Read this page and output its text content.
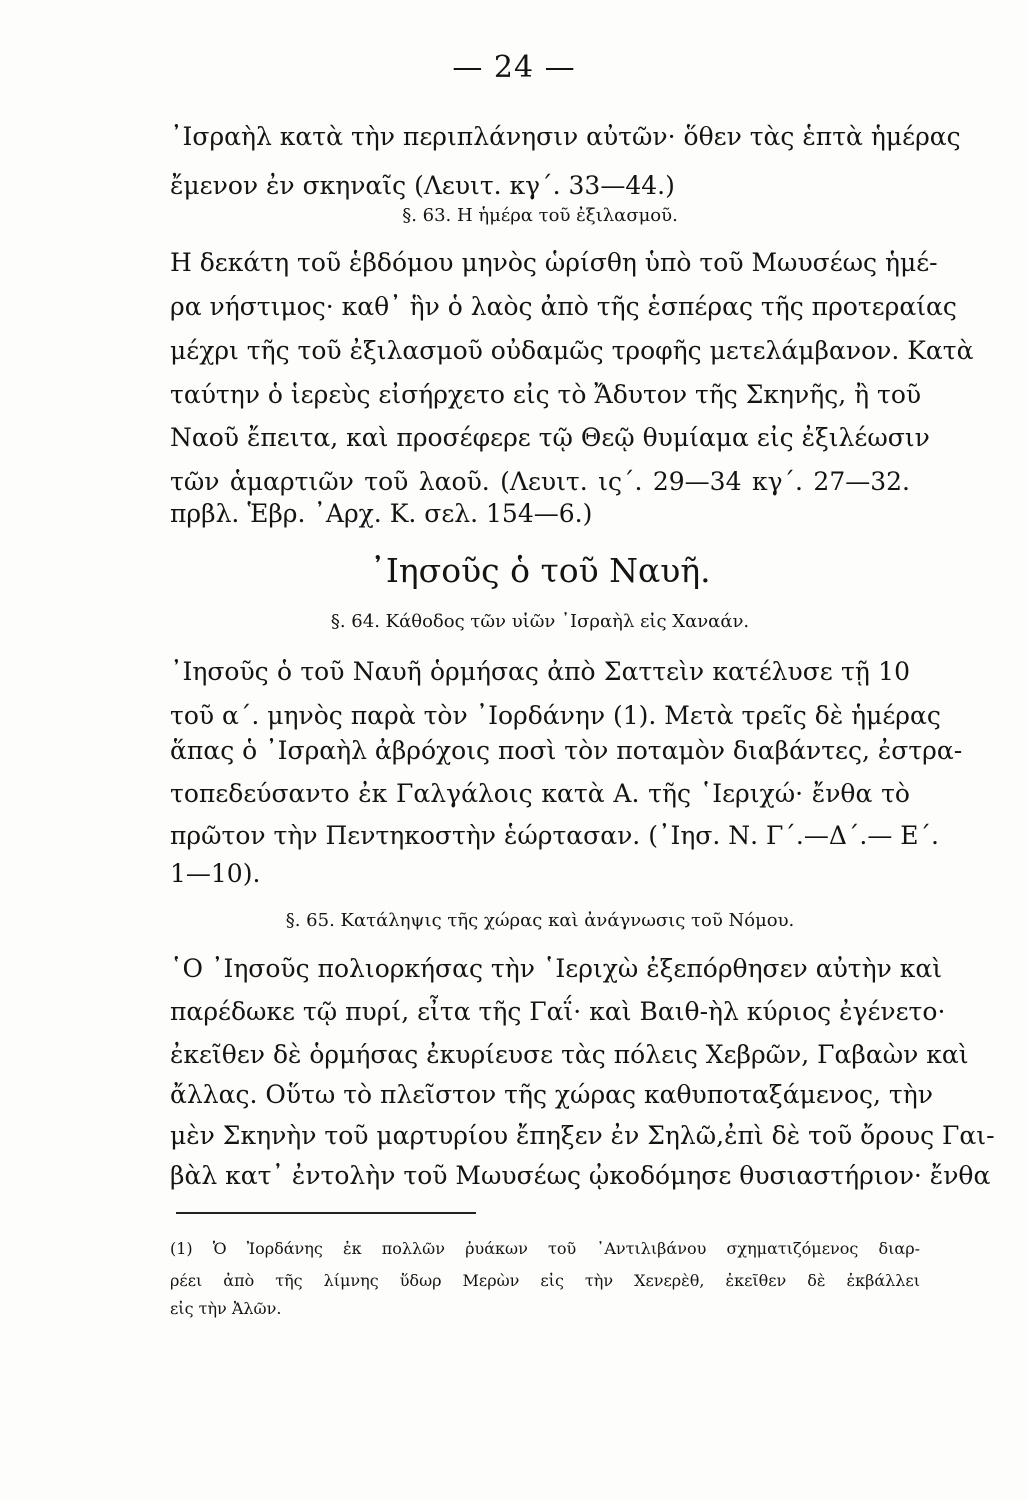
— 24 —
᾿Ισραὴλ κατὰ τὴν περιπλάνησιν αὐτῶν· ὅθεν τὰς ἑπτὰ ἡμέρας
ἔμενον ἐν σκηναῖς (Λευιτ. κγ΄. 33—44.)
§. 63. Η ἡμέρα τοῦ ἐξιλασμοῦ.
Η δεκάτη τοῦ ἑβδόμου μηνὸς ὡρίσθη ὑπὸ τοῦ Μωυσέως ἡμέ-
ρα νήστιμος· καθ᾿ ἣν ὁ λαὸς ἀπὸ τῆς ἑσπέρας τῆς προτεραίας
μέχρι τῆς τοῦ ἐξιλασμοῦ οὐδαμῶς τροφῆς μετελάμβανον. Κατὰ
ταύτην ὁ ἱερεὺς εἰσήρχετο εἰς τὸ Ἄδυτον τῆς Σκηνῆς, ἢ τοῦ
Ναοῦ ἔπειτα, καὶ προσέφερε τῷ Θεῷ θυμίαμα εἰς ἐξιλέωσιν
τῶν ἁμαρτιῶν τοῦ λαοῦ. (Λευιτ. ις΄. 29—34 κγ΄. 27—32.
πρβλ. Ἑβρ. ᾿Αρχ. Κ. σελ. 154—6.)
᾿Ιησοῦς ὁ τοῦ Ναυῆ.
§. 64. Κάθοδος τῶν υἱῶν ᾿Ισραὴλ εἰς Χαναάν.
᾿Ιησοῦς ὁ τοῦ Ναυῆ ὁρμήσας ἀπὸ Σαττεὶν κατέλυσε τῇ 10
τοῦ α΄. μηνὸς παρὰ τὸν ᾿Ιορδάνην (1). Μετὰ τρεῖς δὲ ἡμέρας
ἅπας ὁ ᾿Ισραὴλ ἀβρόχοις ποσὶ τὸν ποταμὸν διαβάντες, ἐστρα-
τοπεδεύσαντο ἐκ Γαλγάλοις κατὰ Α. τῆς ῾Ιεριχώ· ἔνθα τὸ
πρῶτον τὴν Πεντηκοστὴν ἑώρτασαν. (᾿Ιησ. Ν. Γ΄.—Δ΄.— Ε΄.
1—10).
§. 65. Κατάληψις τῆς χώρας καὶ ἀνάγνωσις τοῦ Νόμου.
῾Ο ᾿Ιησοῦς πολιορκήσας τὴν ῾Ιεριχὼ ἐξεπόρθησεν αὐτὴν καὶ
παρέδωκε τῷ πυρί, εἶτα τῆς Γαΐ· καὶ Βαιθ-ὴλ κύριος ἐγένετο·
ἐκεῖθεν δὲ ὁρμήσας ἐκυρίευσε τὰς πόλεις Χεβρῶν, Γαβαὼν καὶ
ἄλλας. Οὕτω τὸ πλεῖστον τῆς χώρας καθυποταξάμενος, τὴν
μὲν Σκηνὴν τοῦ μαρτυρίου ἔπηξεν ἐν Σηλῶ,ἐπὶ δὲ τοῦ ὄρους Γαι-
βὰλ κατ᾿ ἐντολὴν τοῦ Μωυσέως ᾠκοδόμησε θυσιαστήριον· ἔνθα
(1) Ὁ Ἰορδάνης ἐκ πολλῶν ῥυάκων τοῦ ᾿Αντιλιβάνου σχηματιζόμενος διαρ-
ρέει ἀπὸ τῆς λίμνης ὕδωρ Μερὼν εἰς τὴν Χενερὲθ, ἐκεῖθεν δὲ ἐκβάλλει
εἰς τὴν Ἀλῶν.
